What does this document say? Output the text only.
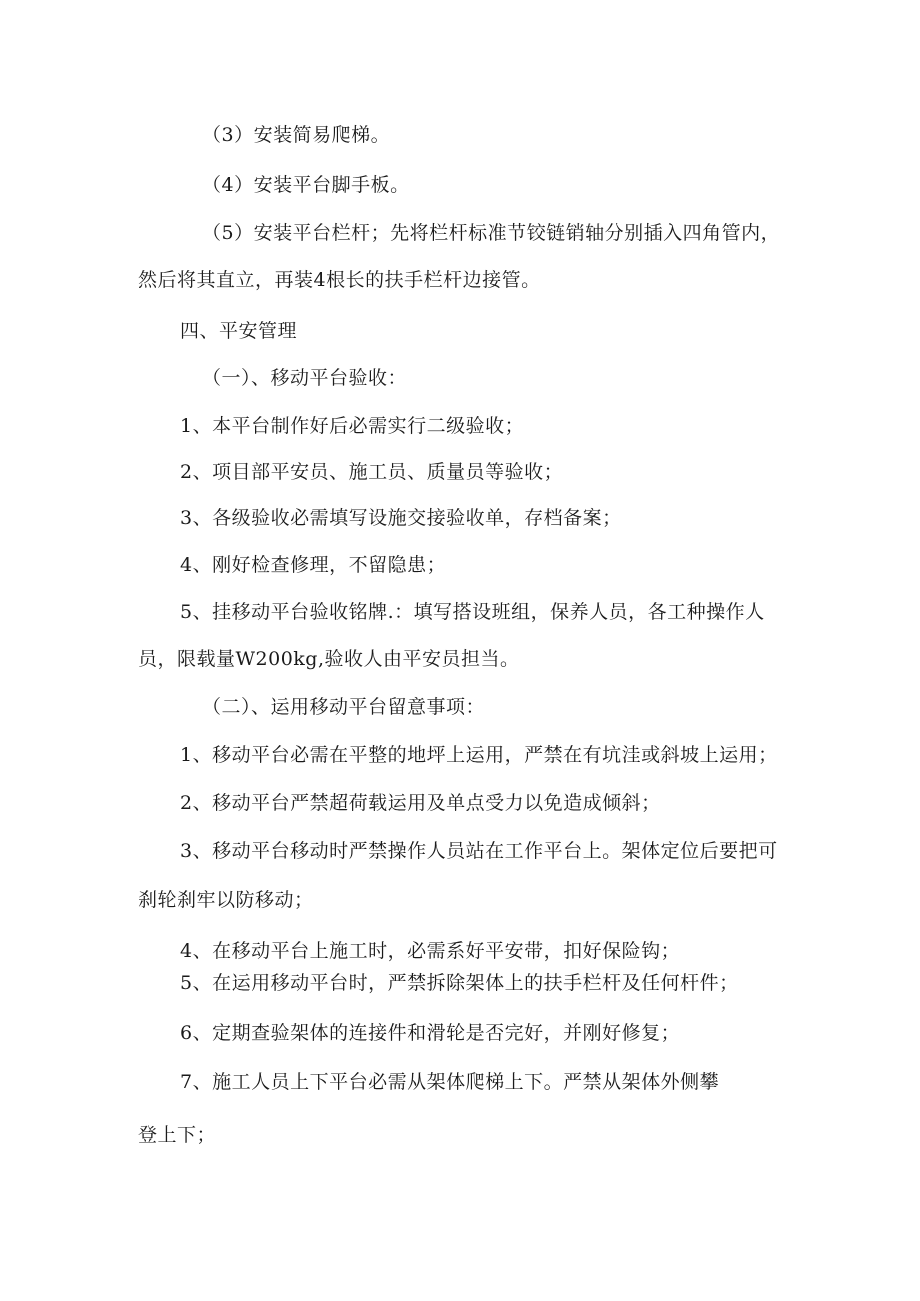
（3）安装简易爬梯。

（4）安装平台脚手板。

（5）安装平台栏杆；先将栏杆标准节铰链销轴分别插入四角管内，

然后将其直立，再装4根长的扶手栏杆边接管。

四、平安管理

（一）、移动平台验收：

1、本平台制作好后必需实行二级验收；

2、项目部平安员、施工员、质量员等验收；

3、各级验收必需填写设施交接验收单，存档备案；

4、刚好检查修理，不留隐患；

5、挂移动平台验收铭牌.：填写搭设班组，保养人员，各工种操作人

员，限载量W200kg,验收人由平安员担当。

（二）、运用移动平台留意事项：

1、移动平台必需在平整的地坪上运用，严禁在有坑洼或斜坡上运用；

2、移动平台严禁超荷载运用及单点受力以免造成倾斜；

3、移动平台移动时严禁操作人员站在工作平台上。架体定位后要把可

刹轮刹牢以防移动；

4、在移动平台上施工时，必需系好平安带，扣好保险钩；

5、在运用移动平台时，严禁拆除架体上的扶手栏杆及任何杆件；

6、定期查验架体的连接件和滑轮是否完好，并刚好修复；

7、施工人员上下平台必需从架体爬梯上下。严禁从架体外侧攀

登上下；
